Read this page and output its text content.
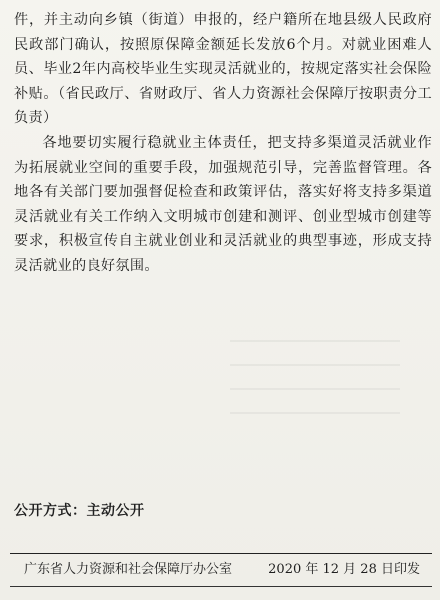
件，并主动向乡镇（街道）申报的，经户籍所在地县级人民政府民政部门确认，按照原保障金额延长发放6个月。对就业困难人员、毕业2年内高校毕业生实现灵活就业的，按规定落实社会保险补贴。（省民政厅、省财政厅、省人力资源社会保障厅按职责分工负责）

各地要切实履行稳就业主体责任，把支持多渠道灵活就业作为拓展就业空间的重要手段，加强规范引导，完善监督管理。各地各有关部门要加强督促检查和政策评估，落实好将支持多渠道灵活就业有关工作纳入文明城市创建和测评、创业型城市创建等要求，积极宣传自主就业创业和灵活就业的典型事迹，形成支持灵活就业的良好氛围。

公开方式：主动公开
广东省人力资源和社会保障厅办公室	2020 年 12 月 28 日印发
